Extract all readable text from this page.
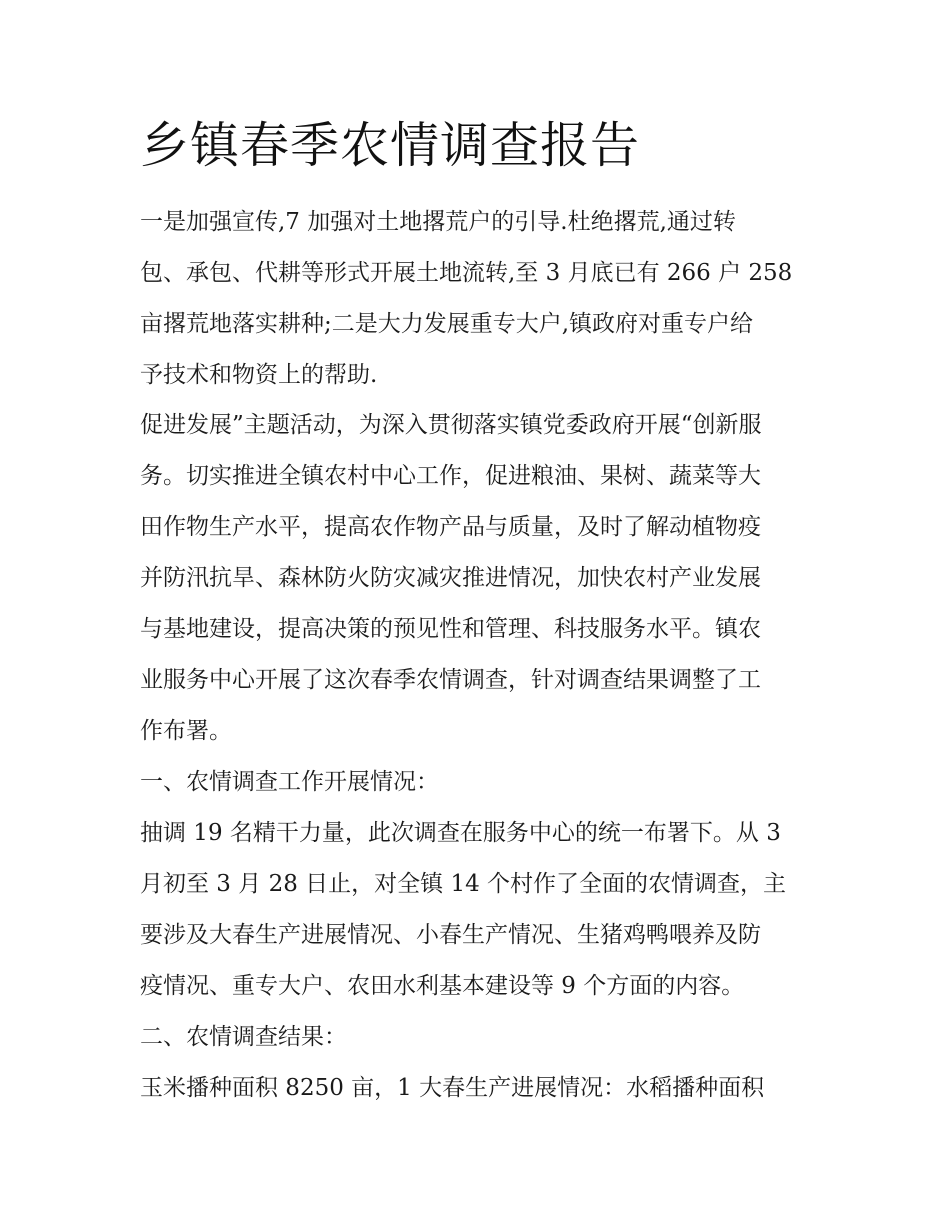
乡镇春季农情调查报告

一是加强宣传,7 加强对土地撂荒户的引导.杜绝撂荒,通过转

包、承包、代耕等形式开展土地流转,至 3 月底已有 266 户 258

亩撂荒地落实耕种;二是大力发展重专大户,镇政府对重专户给

予技术和物资上的帮助.

促进发展”主题活动，为深入贯彻落实镇党委政府开展“创新服

务。切实推进全镇农村中心工作，促进粮油、果树、蔬菜等大

田作物生产水平，提高农作物产品与质量，及时了解动植物疫

并防汛抗旱、森林防火防灾减灾推进情况，加快农村产业发展

与基地建设，提高决策的预见性和管理、科技服务水平。镇农

业服务中心开展了这次春季农情调查，针对调查结果调整了工

作布署。

一、农情调查工作开展情况：

抽调 19 名精干力量，此次调查在服务中心的统一布署下。从 3

月初至 3 月 28 日止，对全镇 14 个村作了全面的农情调查，主

要涉及大春生产进展情况、小春生产情况、生猪鸡鸭喂养及防

疫情况、重专大户、农田水利基本建设等 9 个方面的内容。

二、农情调查结果：

玉米播种面积 8250 亩，1 大春生产进展情况：水稻播种面积
